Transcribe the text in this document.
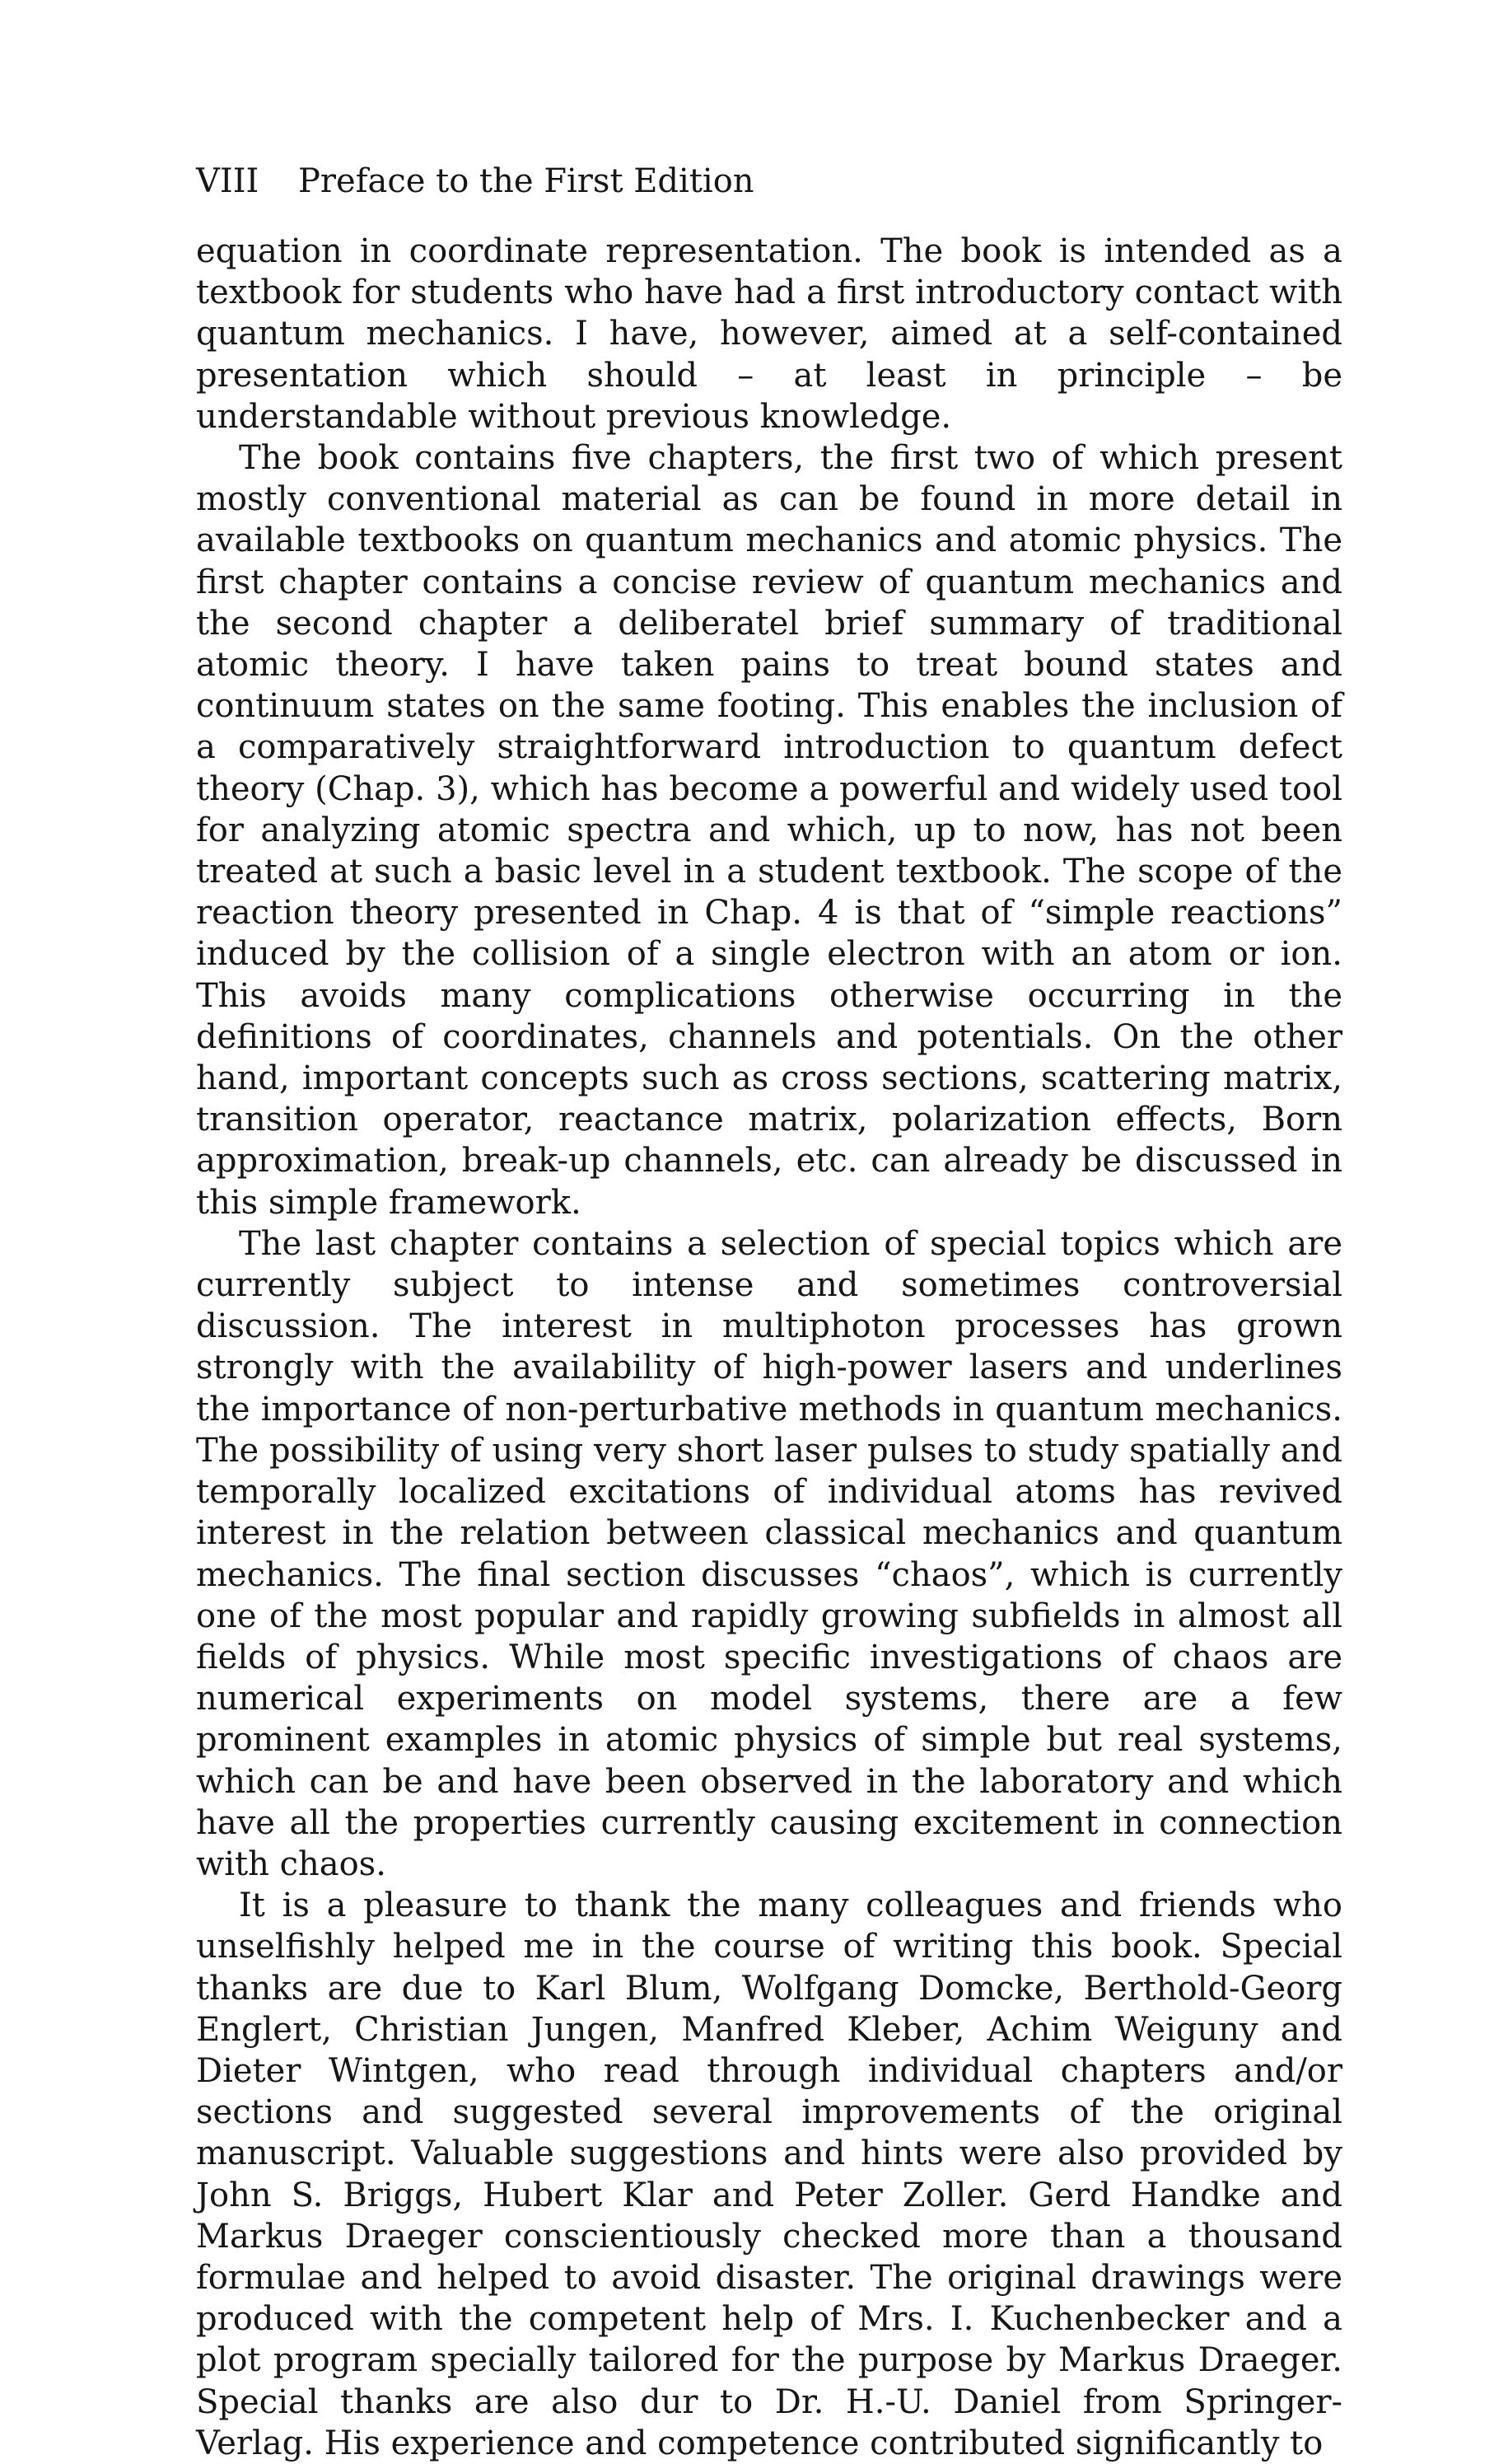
VIII Preface to the First Edition

equation in coordinate representation. The book is intended as a textbook for students who have had a first introductory contact with quantum mechanics. I have, however, aimed at a self-contained presentation which should – at least in principle – be understandable without previous knowledge.

The book contains five chapters, the first two of which present mostly conventional material as can be found in more detail in available textbooks on quantum mechanics and atomic physics. The first chapter contains a concise review of quantum mechanics and the second chapter a deliberatel brief summary of traditional atomic theory. I have taken pains to treat bound states and continuum states on the same footing. This enables the inclusion of a comparatively straightforward introduction to quantum defect theory (Chap. 3), which has become a powerful and widely used tool for analyzing atomic spectra and which, up to now, has not been treated at such a basic level in a student textbook. The scope of the reaction theory presented in Chap. 4 is that of “simple reactions” induced by the collision of a single electron with an atom or ion. This avoids many complications otherwise occurring in the definitions of coordinates, channels and potentials. On the other hand, important concepts such as cross sections, scattering matrix, transition operator, reactance matrix, polarization effects, Born approximation, break-up channels, etc. can already be discussed in this simple framework.

The last chapter contains a selection of special topics which are currently subject to intense and sometimes controversial discussion. The interest in multiphoton processes has grown strongly with the availability of high-power lasers and underlines the importance of non-perturbative methods in quantum mechanics. The possibility of using very short laser pulses to study spatially and temporally localized excitations of individual atoms has revived interest in the relation between classical mechanics and quantum mechanics. The final section discusses “chaos”, which is currently one of the most popular and rapidly growing subfields in almost all fields of physics. While most specific investigations of chaos are numerical experiments on model systems, there are a few prominent examples in atomic physics of simple but real systems, which can be and have been observed in the laboratory and which have all the properties currently causing excitement in connection with chaos.

It is a pleasure to thank the many colleagues and friends who unselfishly helped me in the course of writing this book. Special thanks are due to Karl Blum, Wolfgang Domcke, Berthold-Georg Englert, Christian Jungen, Manfred Kleber, Achim Weiguny and Dieter Wintgen, who read through individual chapters and/or sections and suggested several improvements of the original manuscript. Valuable suggestions and hints were also provided by John S. Briggs, Hubert Klar and Peter Zoller. Gerd Handke and Markus Draeger conscientiously checked more than a thousand formulae and helped to avoid disaster. The original drawings were produced with the competent help of Mrs. I. Kuchenbecker and a plot program specially tailored for the purpose by Markus Draeger. Special thanks are also dur to Dr. H.-U. Daniel from Springer-Verlag. His experience and competence contributed significantly to
